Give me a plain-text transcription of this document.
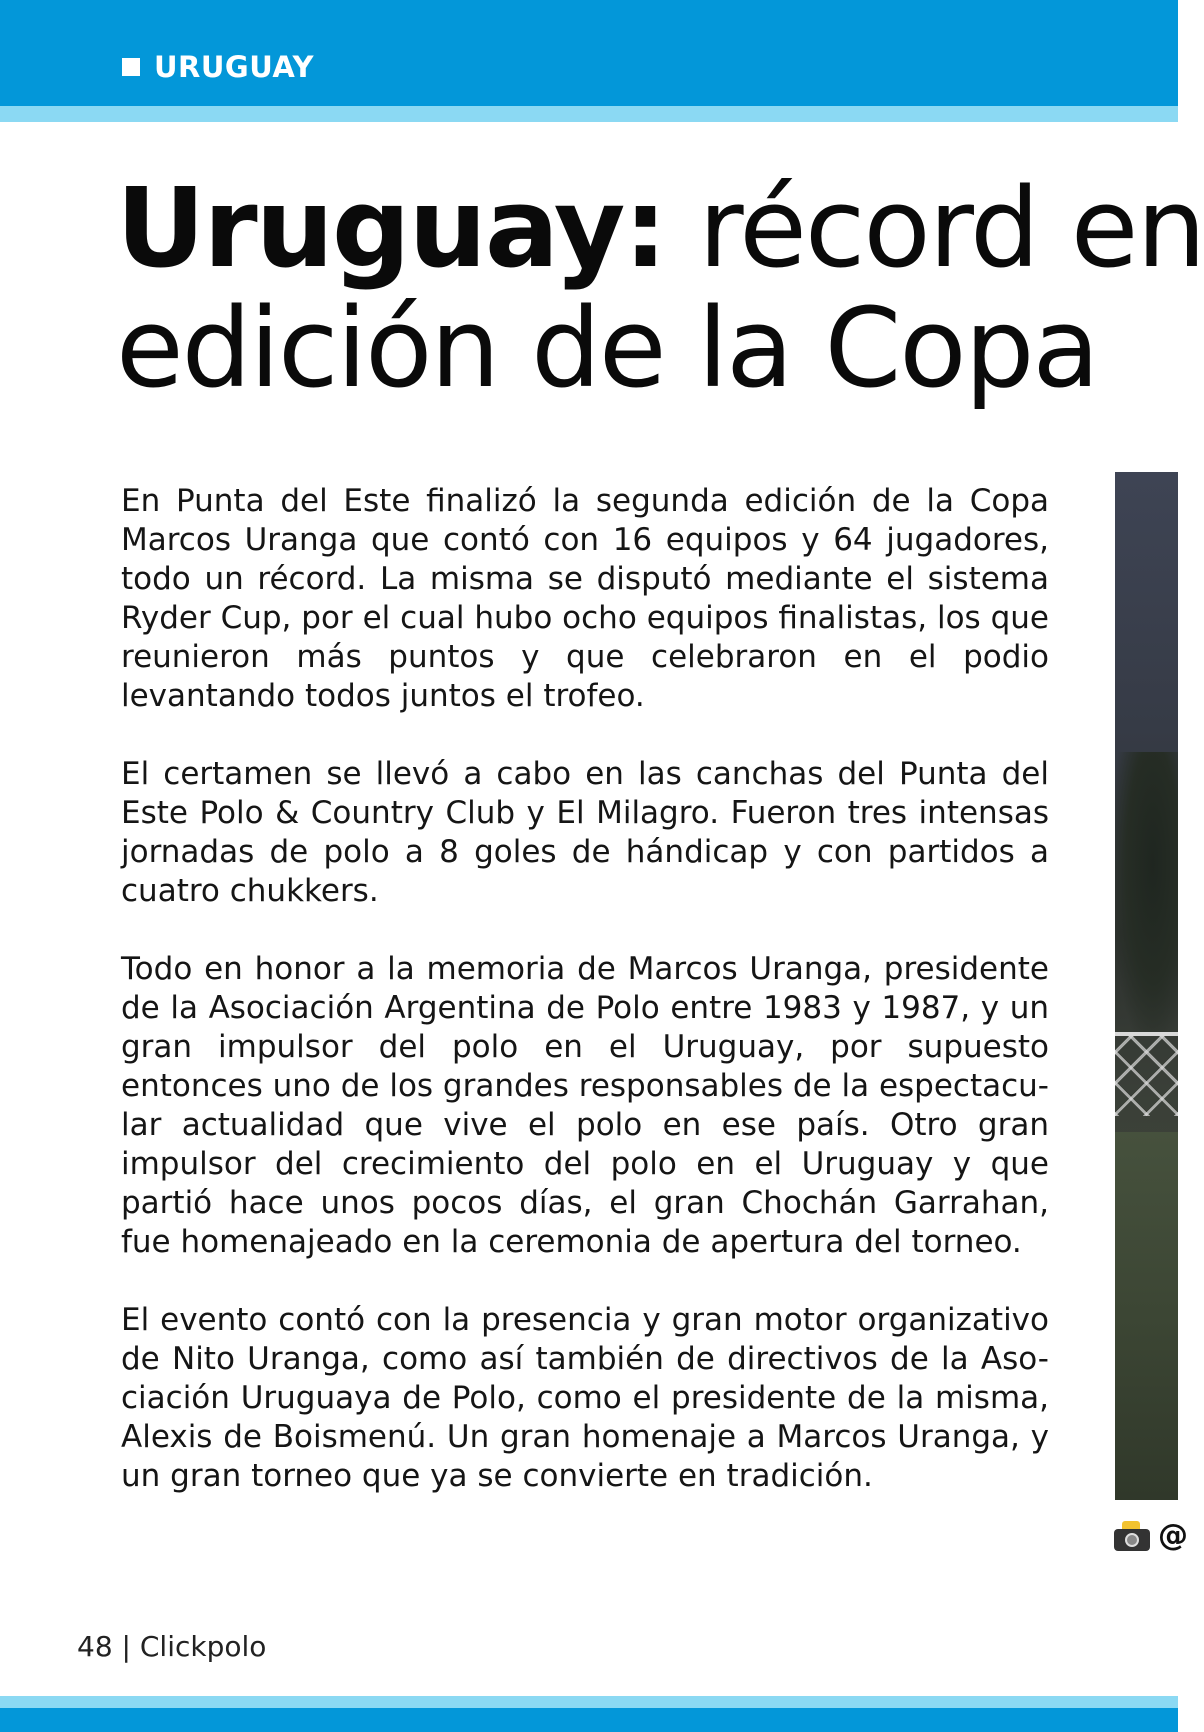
URUGUAY
Uruguay: récord en
edición de la Copa

En Punta del Este finalizó la segunda edición de la Copa Marcos Uranga que contó con 16 equipos y 64 jugadores, todo un récord. La misma se disputó mediante el sistema Ryder Cup, por el cual hubo ocho equipos finalistas, los que reunieron más puntos y que celebraron en el podio levantando todos juntos el trofeo.

El certamen se llevó a cabo en las canchas del Punta del Este Polo & Country Club y El Milagro. Fueron tres intensas jornadas de polo a 8 goles de hándicap y con partidos a cuatro chukkers.

Todo en honor a la memoria de Marcos Uranga, presidente de la Asociación Argentina de Polo entre 1983 y 1987, y un gran impulsor del polo en el Uruguay, por supuesto entonces uno de los grandes responsables de la espectacu-lar actualidad que vive el polo en ese país. Otro gran impulsor del crecimiento del polo en el Uruguay y que partió hace unos pocos días, el gran Chochán Garrahan, fue homenajeado en la ceremonia de apertura del torneo.

El evento contó con la presencia y gran motor organizativo de Nito Uranga, como así también de directivos de la Aso-ciación Uruguaya de Polo, como el presidente de la misma, Alexis de Boismenú. Un gran homenaje a Marcos Uranga, y un gran torneo que ya se convierte en tradición.

@
48 | Clickpolo
